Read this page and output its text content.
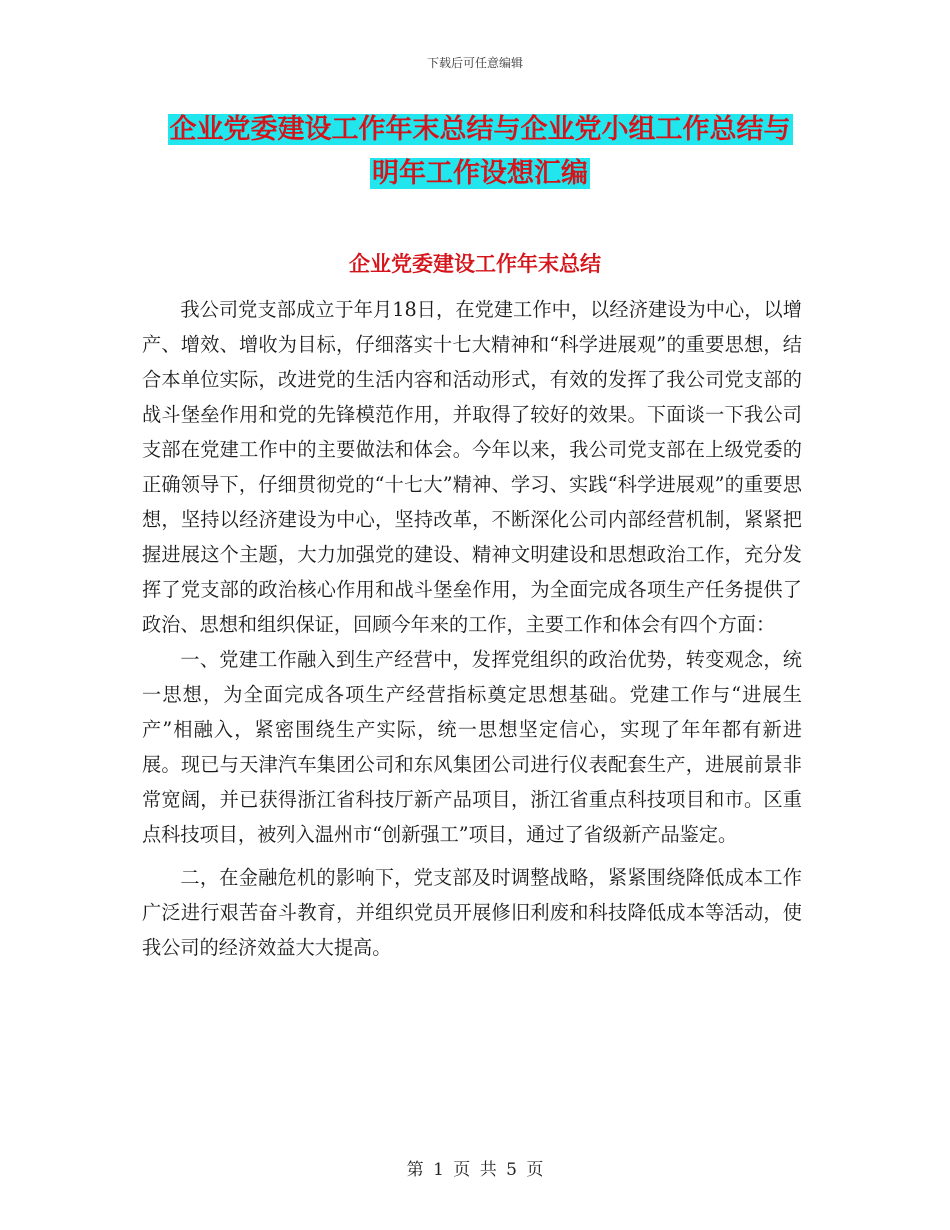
下载后可任意编辑
企业党委建设工作年末总结与企业党小组工作总结与
明年工作设想汇编
企业党委建设工作年末总结

我公司党支部成立于年月18日，在党建工作中，以经济建设为中心，以增产、增效、增收为目标，仔细落实十七大精神和“科学进展观”的重要思想，结合本单位实际，改进党的生活内容和活动形式，有效的发挥了我公司党支部的战斗堡垒作用和党的先锋模范作用，并取得了较好的效果。下面谈一下我公司支部在党建工作中的主要做法和体会。今年以来，我公司党支部在上级党委的正确领导下，仔细贯彻党的“十七大”精神、学习、实践“科学进展观”的重要思想，坚持以经济建设为中心，坚持改革，不断深化公司内部经营机制，紧紧把握进展这个主题，大力加强党的建设、精神文明建设和思想政治工作，充分发挥了党支部的政治核心作用和战斗堡垒作用，为全面完成各项生产任务提供了政治、思想和组织保证，回顾今年来的工作，主要工作和体会有四个方面：

一、党建工作融入到生产经营中，发挥党组织的政治优势，转变观念，统一思想，为全面完成各项生产经营指标奠定思想基础。党建工作与“进展生产”相融入，紧密围绕生产实际，统一思想坚定信心，实现了年年都有新进展。现已与天津汽车集团公司和东风集团公司进行仪表配套生产，进展前景非常宽阔，并已获得浙江省科技厅新产品项目，浙江省重点科技项目和市。区重点科技项目，被列入温州市“创新强工”项目，通过了省级新产品鉴定。

二，在金融危机的影响下，党支部及时调整战略，紧紧围绕降低成本工作广泛进行艰苦奋斗教育，并组织党员开展修旧利废和科技降低成本等活动，使我公司的经济效益大大提高。

第 1 页 共 5 页
